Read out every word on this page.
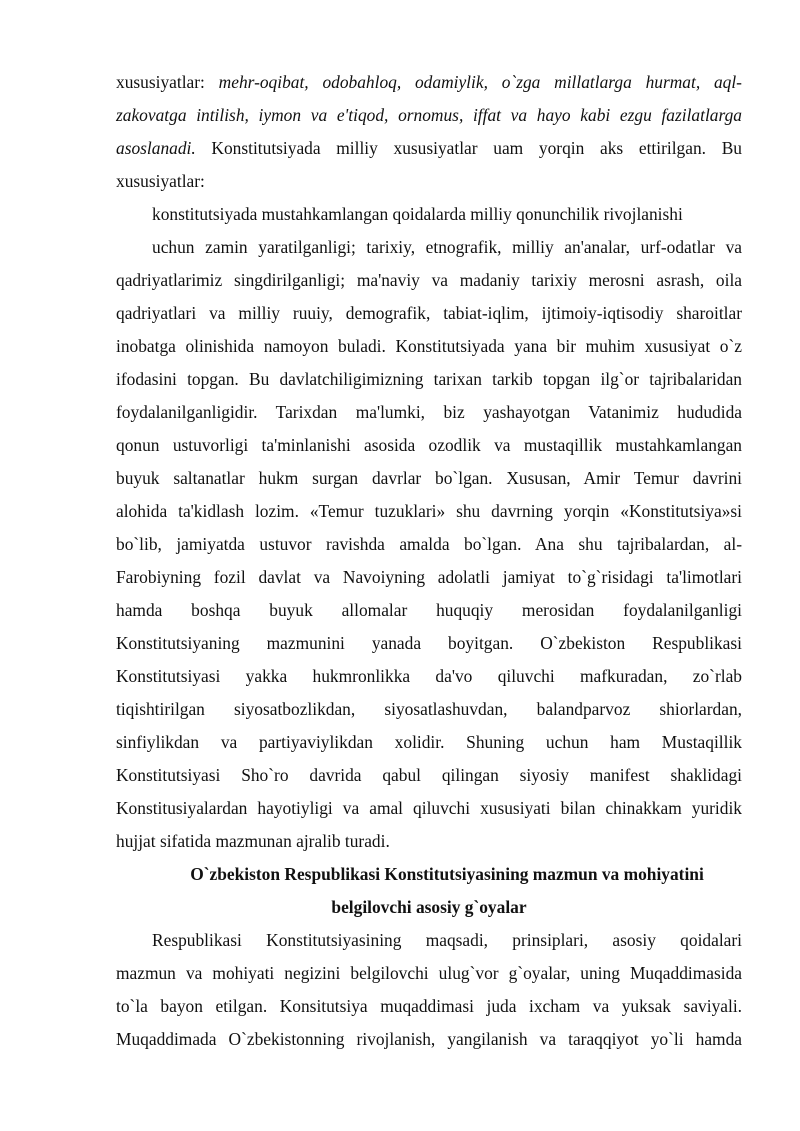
xususiyatlar: mehr-oqibat, odobahloq, odamiylik, o`zga millatlarga hurmat, aql-
zakovatga intilish, iymon va e'tiqod, ornomus, iffat va hayo kabi ezgu fazilatlarga
asoslanadi. Konstitutsiyada milliy xususiyatlar uam yorqin aks ettirilgan. Bu
xususiyatlar:
konstitutsiyada mustahkamlangan qoidalarda milliy qonunchilik rivojlanishi
uchun zamin yaratilganligi; tarixiy, etnografik, milliy an'analar, urf-odatlar va
qadriyatlarimiz singdirilganligi; ma'naviy va madaniy tarixiy merosni asrash, oila
qadriyatlari va milliy ruuiy, demografik, tabiat-iqlim, ijtimoiy-iqtisodiy sharoitlar
inobatga olinishida namoyon buladi. Konstitutsiyada yana bir muhim xususiyat o`z
ifodasini topgan. Bu davlatchiligimizning tarixan tarkib topgan ilg`or tajribalaridan
foydalanilganligidir. Tarixdan ma'lumki, biz yashayotgan Vatanimiz hududida
qonun ustuvorligi ta'minlanishi asosida ozodlik va mustaqillik mustahkamlangan
buyuk saltanatlar hukm surgan davrlar bo`lgan. Xususan, Amir Temur davrini
alohida ta'kidlash lozim. «Temur tuzuklari» shu davrning yorqin «Konstitutsiya»si
bo`lib, jamiyatda ustuvor ravishda amalda bo`lgan. Ana shu tajribalardan, al-
Farobiyning fozil davlat va Navoiyning adolatli jamiyat to`g`risidagi ta'limotlari
hamda boshqa buyuk allomalar huquqiy merosidan foydalanilganligi
Konstitutsiyaning mazmunini yanada boyitgan. O`zbekiston Respublikasi
Konstitutsiyasi yakka hukmronlikka da'vo qiluvchi mafkuradan, zo`rlab
tiqishtirilgan siyosatbozlikdan, siyosatlashuvdan, balandparvoz shiorlardan,
sinfiylikdan va partiyaviylikdan xolidir. Shuning uchun ham Mustaqillik
Konstitutsiyasi Sho`ro davrida qabul qilingan siyosiy manifest shaklidagi
Konstitusiyalardan hayotiyligi va amal qiluvchi xususiyati bilan chinakkam yuridik
hujjat sifatida mazmunan ajralib turadi.
O`zbekiston Respublikasi Konstitutsiyasining mazmun va mohiyatini
belgilovchi asosiy g`oyalar
Respublikasi Konstitutsiyasining maqsadi, prinsiplari, asosiy qoidalari
mazmun va mohiyati negizini belgilovchi ulug`vor g`oyalar, uning Muqaddimasida
to`la bayon etilgan. Konsitutsiya muqaddimasi juda ixcham va yuksak saviyali.
Muqaddimada O`zbekistonning rivojlanish, yangilanish va taraqqiyot yo`li hamda
